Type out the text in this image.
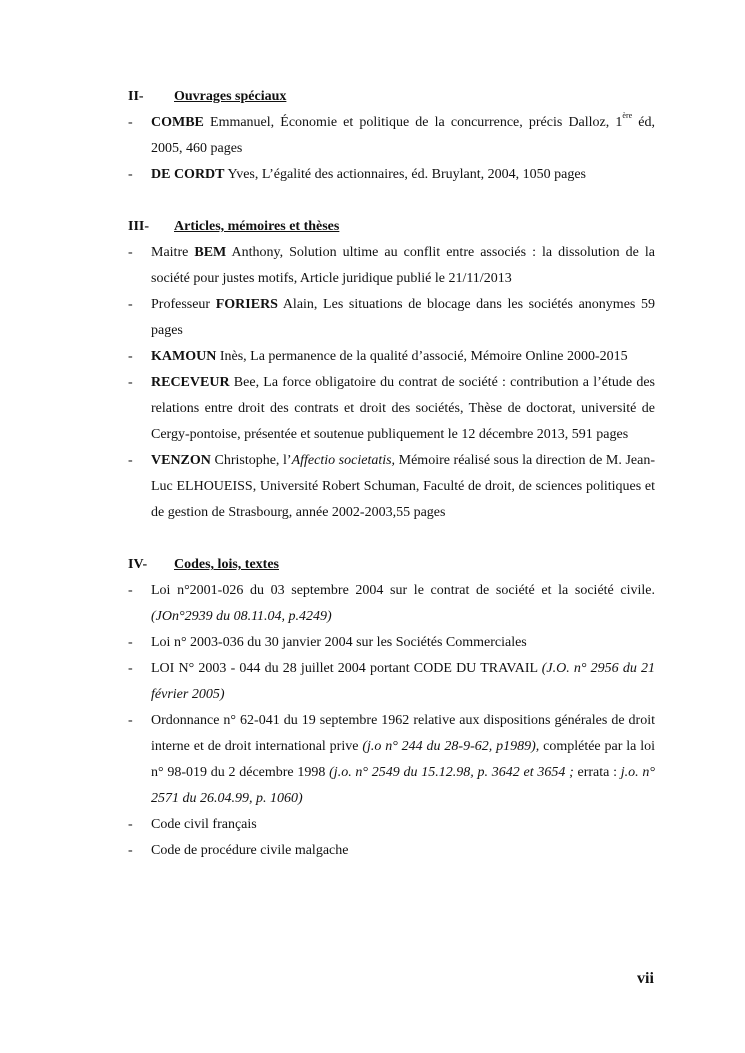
II- Ouvrages spéciaux
- COMBE Emmanuel, Économie et politique de la concurrence, précis Dalloz, 1ère éd, 2005, 460 pages
- DE CORDT Yves, L’égalité des actionnaires, éd. Bruylant, 2004, 1050 pages
III- Articles, mémoires et thèses
- Maitre BEM Anthony, Solution ultime au conflit entre associés : la dissolution de la société pour justes motifs, Article juridique publié le 21/11/2013
- Professeur FORIERS Alain, Les situations de blocage dans les sociétés anonymes 59 pages
- KAMOUN Inès, La permanence de la qualité d’associé, Mémoire Online 2000-2015
- RECEVEUR Bee, La force obligatoire du contrat de société : contribution a l’étude des relations entre droit des contrats et droit des sociétés, Thèse de doctorat, université de Cergy-pontoise, présentée et soutenue publiquement le 12 décembre 2013, 591 pages
- VENZON Christophe, l’Affectio societatis, Mémoire réalisé sous la direction de M. Jean-Luc ELHOUEISS, Université Robert Schuman, Faculté de droit, de sciences politiques et de gestion de Strasbourg, année 2002-2003,55 pages
IV- Codes, lois, textes
- Loi n°2001-026 du 03 septembre 2004 sur le contrat de société et la société civile. (JOn°2939 du 08.11.04, p.4249)
- Loi n° 2003-036 du 30 janvier 2004 sur les Sociétés Commerciales
- LOI N° 2003 - 044 du 28 juillet 2004 portant CODE DU TRAVAIL (J.O. n° 2956 du 21 février 2005)
- Ordonnance n° 62-041 du 19 septembre 1962 relative aux dispositions générales de droit interne et de droit international prive (j.o n° 244 du 28-9-62, p1989), complétée par la loi n° 98-019 du 2 décembre 1998 (j.o. n° 2549 du 15.12.98, p. 3642 et 3654 ; errata : j.o. n° 2571 du 26.04.99, p. 1060)
- Code civil français
- Code de procédure civile malgache
vii
